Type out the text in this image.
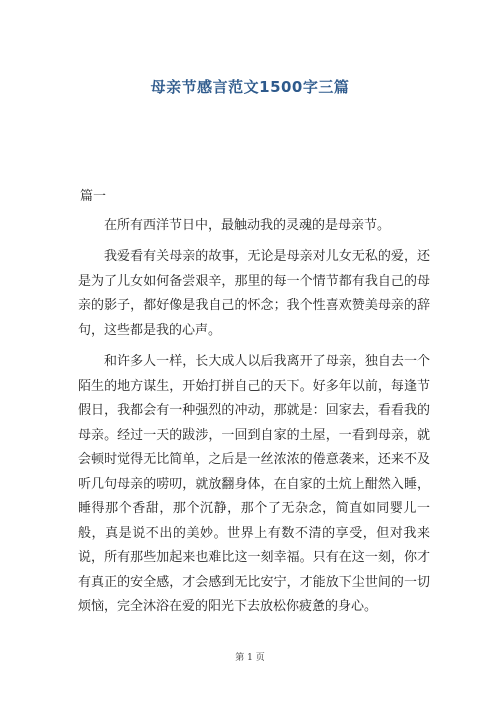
母亲节感言范文1500字三篇

篇一

在所有西洋节日中，最触动我的灵魂的是母亲节。

我爱看有关母亲的故事，无论是母亲对儿女无私的爱，还是为了儿女如何备尝艰辛，那里的每一个情节都有我自己的母亲的影子，都好像是我自己的怀念；我个性喜欢赞美母亲的辞句，这些都是我的心声。

和许多人一样，长大成人以后我离开了母亲，独自去一个陌生的地方谋生，开始打拼自己的天下。好多年以前，每逢节假日，我都会有一种强烈的冲动，那就是：回家去，看看我的母亲。经过一天的跋涉，一回到自家的土屋，一看到母亲，就会顿时觉得无比简单，之后是一丝浓浓的倦意袭来，还来不及听几句母亲的唠叨，就放翻身体，在自家的土炕上酣然入睡，睡得那个香甜，那个沉静，那个了无杂念，简直如同婴儿一般，真是说不出的美妙。世界上有数不清的享受，但对我来说，所有那些加起来也难比这一刻幸福。只有在这一刻，你才有真正的安全感，才会感到无比安宁，才能放下尘世间的一切烦恼，完全沐浴在爱的阳光下去放松你疲惫的身心。

第 1 页
